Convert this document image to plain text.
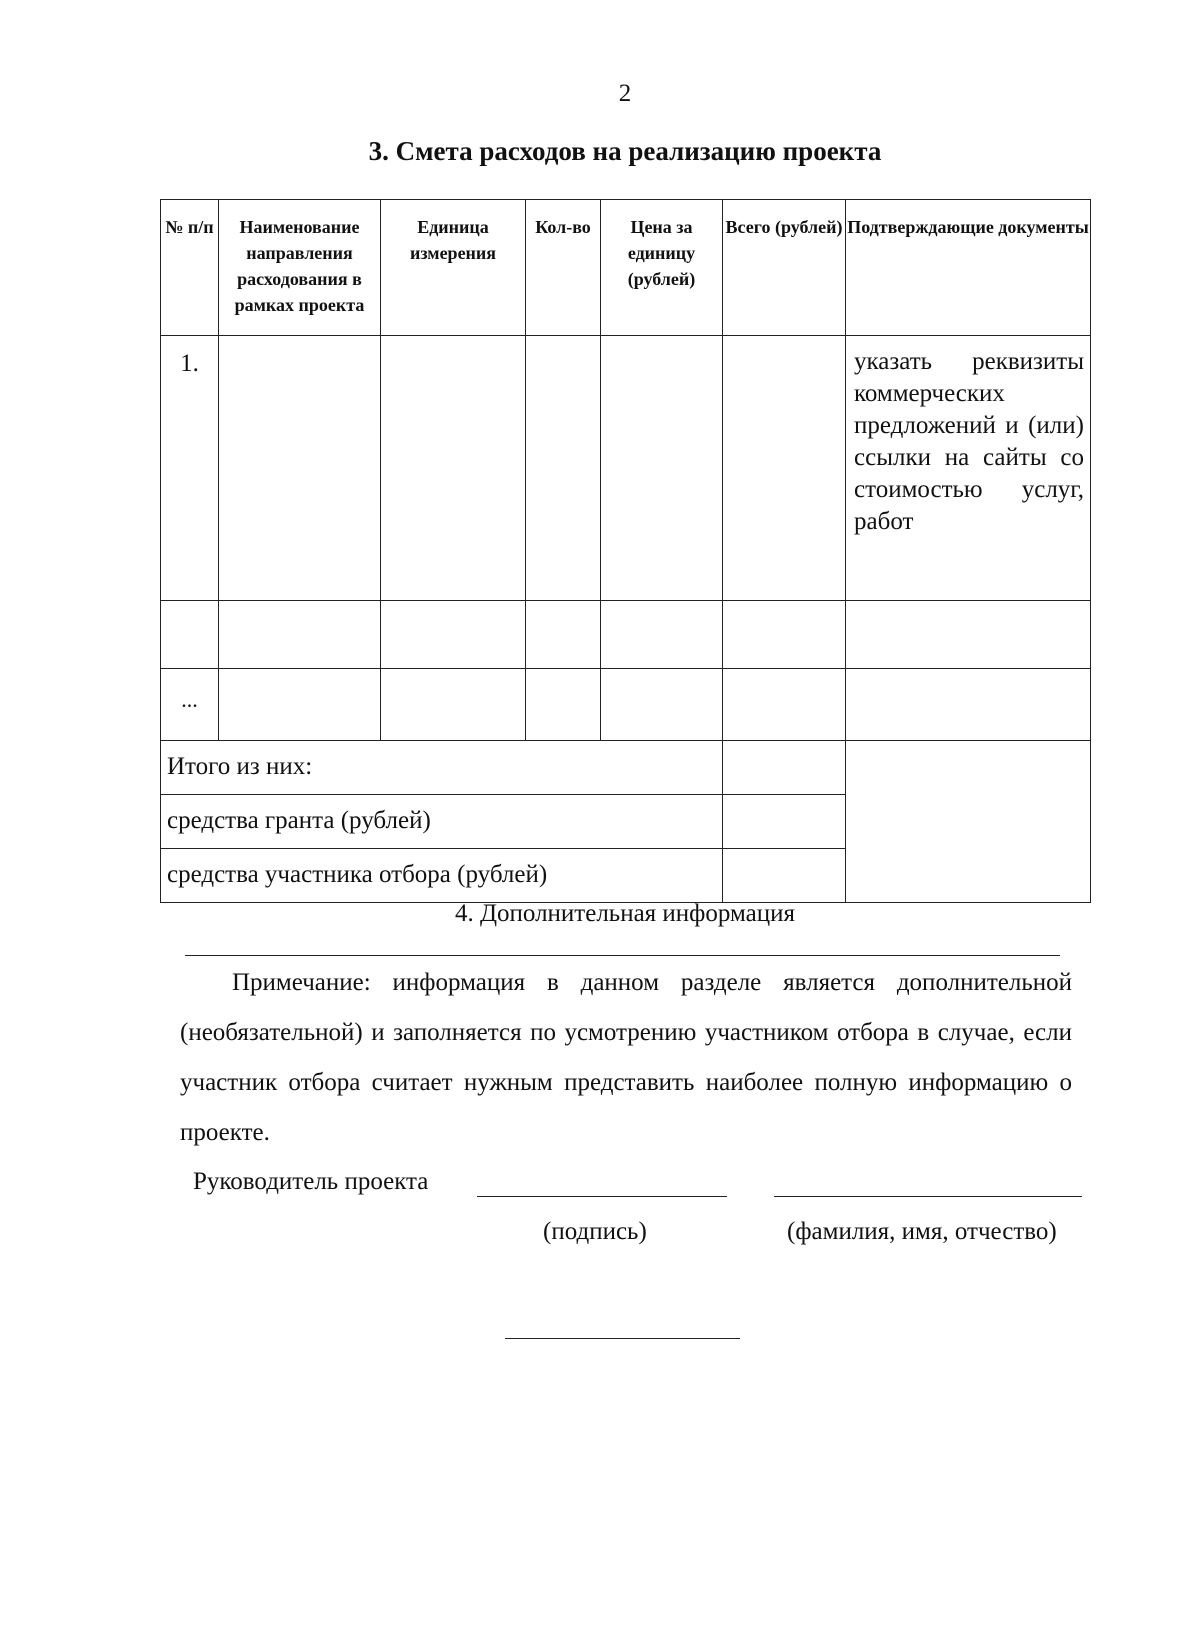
2
3. Смета расходов на реализацию проекта
№ п/п	Наименование направления расходования в рамках проекта	Единица измерения	Кол-во	Цена за единицу (рублей)	Всего (рублей)	Подтверждающие документы
1.						указать реквизиты коммерческих предложений и (или) ссылки на сайты со стоимостью услуг, работ

...						
Итого из них:						
средства гранта (рублей)						
средства участника отбора (рублей)						
4. Дополнительная информация
Примечание: информация в данном разделе является дополнительной (необязательной) и заполняется по усмотрению участником отбора в случае, если участник отбора считает нужным представить наиболее полную информацию о проекте.
Руководитель проекта
(подпись)	(фамилия, имя, отчество)
